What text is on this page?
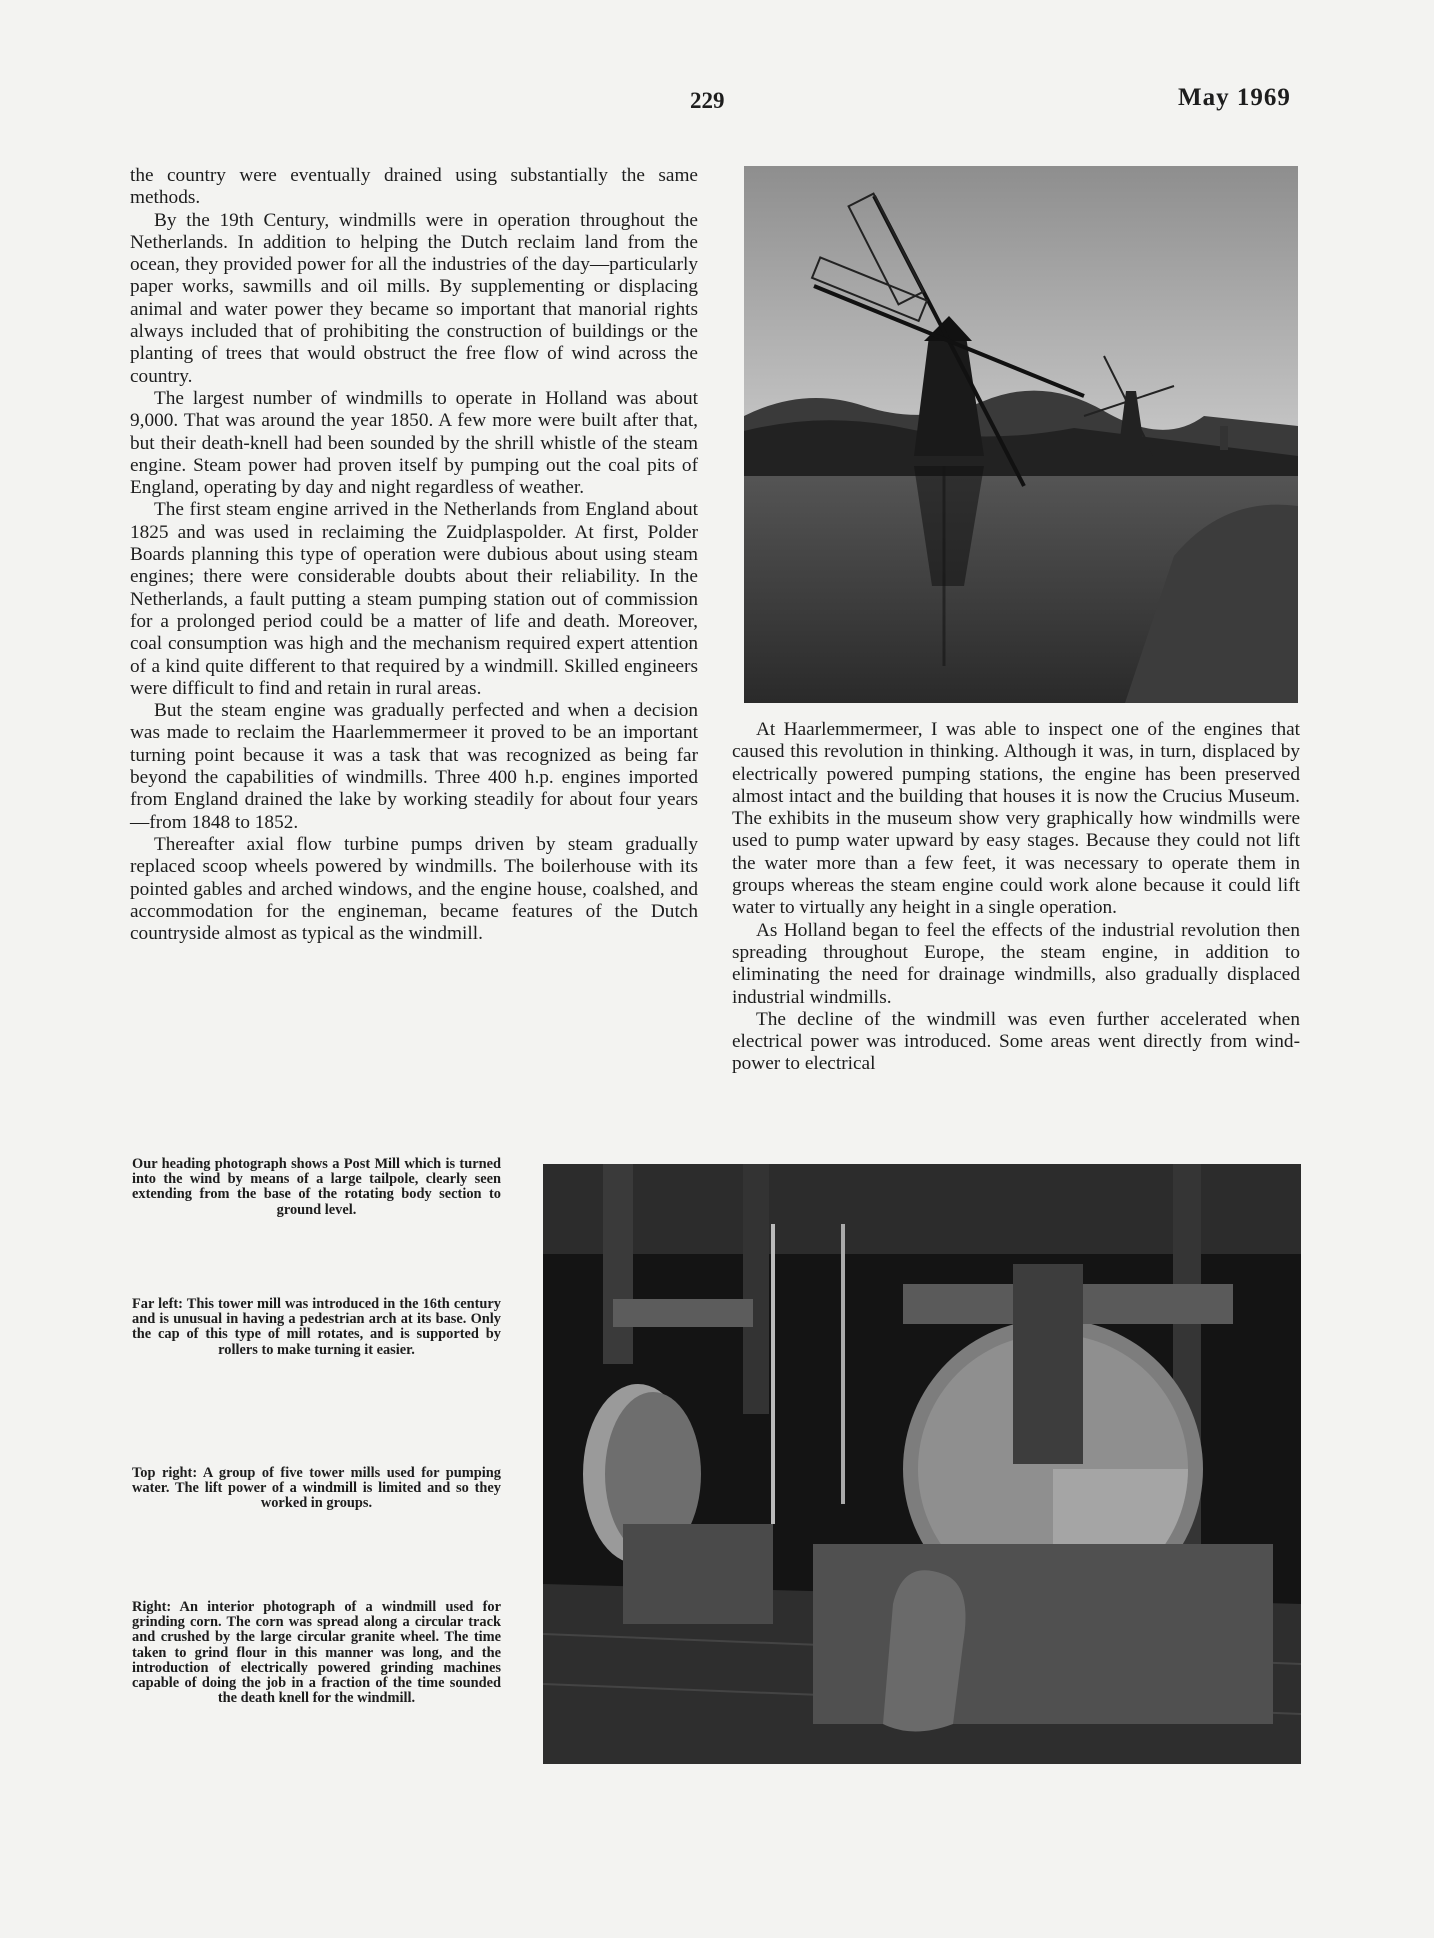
229	May 1969

the country were eventually drained using substantially the same methods.

By the 19th Century, windmills were in operation throughout the Netherlands. In addition to helping the Dutch reclaim land from the ocean, they provided power for all the industries of the day—particularly paper works, sawmills and oil mills. By supplementing or displacing animal and water power they became so important that manorial rights always included that of prohibiting the construction of buildings or the planting of trees that would obstruct the free flow of wind across the country.

The largest number of windmills to operate in Holland was about 9,000. That was around the year 1850. A few more were built after that, but their death-knell had been sounded by the shrill whistle of the steam engine. Steam power had proven itself by pumping out the coal pits of England, operating by day and night regardless of weather.

The first steam engine arrived in the Netherlands from England about 1825 and was used in reclaiming the Zuidplaspolder. At first, Polder Boards planning this type of operation were dubious about using steam engines; there were considerable doubts about their reliability. In the Netherlands, a fault putting a steam pumping station out of commission for a prolonged period could be a matter of life and death. Moreover, coal consumption was high and the mechanism required expert attention of a kind quite different to that required by a windmill. Skilled engineers were difficult to find and retain in rural areas.

But the steam engine was gradually perfected and when a decision was made to reclaim the Haarlemmermeer it proved to be an important turning point because it was a task that was recognized as being far beyond the capabilities of windmills. Three 400 h.p. engines imported from England drained the lake by working steadily for about four years—from 1848 to 1852.

Thereafter axial flow turbine pumps driven by steam gradually replaced scoop wheels powered by windmills. The boilerhouse with its pointed gables and arched windows, and the engine house, coalshed, and accommodation for the engineman, became features of the Dutch countryside almost as typical as the windmill.

At Haarlemmermeer, I was able to inspect one of the engines that caused this revolution in thinking. Although it was, in turn, displaced by electrically powered pumping stations, the engine has been preserved almost intact and the building that houses it is now the Crucius Museum. The exhibits in the museum show very graphically how windmills were used to pump water upward by easy stages. Because they could not lift the water more than a few feet, it was necessary to operate them in groups whereas the steam engine could work alone because it could lift water to virtually any height in a single operation.

As Holland began to feel the effects of the industrial revolution then spreading throughout Europe, the steam engine, in addition to eliminating the need for drainage windmills, also gradually displaced industrial windmills.

The decline of the windmill was even further accelerated when electrical power was introduced. Some areas went directly from wind-power to electrical

Our heading photograph shows a Post Mill which is turned into the wind by means of a large tailpole, clearly seen extending from the base of the rotating body section to ground level.
Far left: This tower mill was introduced in the 16th century and is unusual in having a pedestrian arch at its base. Only the cap of this type of mill rotates, and is supported by rollers to make turning it easier.
Top right: A group of five tower mills used for pumping water. The lift power of a windmill is limited and so they worked in groups.
Right: An interior photograph of a windmill used for grinding corn. The corn was spread along a circular track and crushed by the large circular granite wheel. The time taken to grind flour in this manner was long, and the introduction of electrically powered grinding machines capable of doing the job in a fraction of the time sounded the death knell for the windmill.
